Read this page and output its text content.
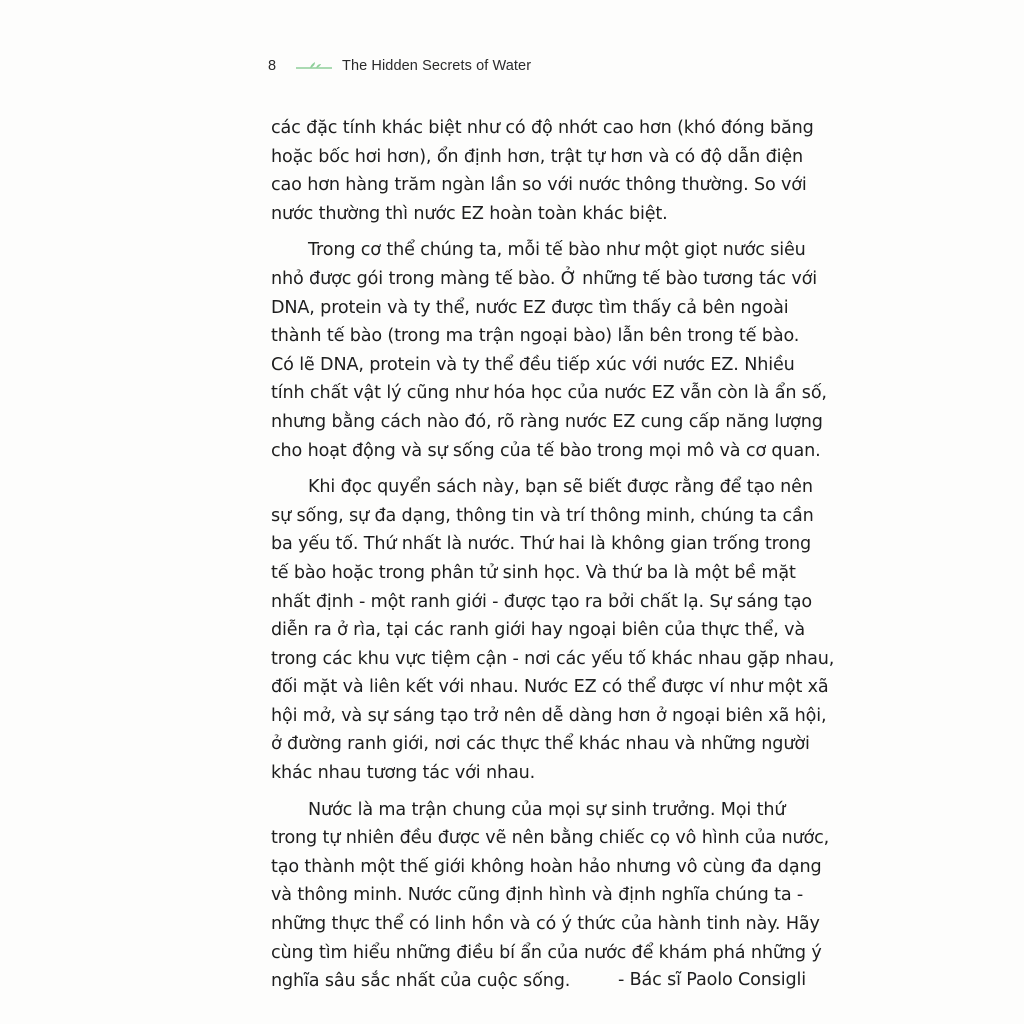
8	The Hidden Secrets of Water
các đặc tính khác biệt như có độ nhớt cao hơn (khó đóng băng
hoặc bốc hơi hơn), ổn định hơn, trật tự hơn và có độ dẫn điện
cao hơn hàng trăm ngàn lần so với nước thông thường. So với
nước thường thì nước EZ hoàn toàn khác biệt.
Trong cơ thể chúng ta, mỗi tế bào như một giọt nước siêu
nhỏ được gói trong màng tế bào. Ở những tế bào tương tác với
DNA, protein và ty thể, nước EZ được tìm thấy cả bên ngoài
thành tế bào (trong ma trận ngoại bào) lẫn bên trong tế bào.
Có lẽ DNA, protein và ty thể đều tiếp xúc với nước EZ. Nhiều
tính chất vật lý cũng như hóa học của nước EZ vẫn còn là ẩn số,
nhưng bằng cách nào đó, rõ ràng nước EZ cung cấp năng lượng
cho hoạt động và sự sống của tế bào trong mọi mô và cơ quan.
Khi đọc quyển sách này, bạn sẽ biết được rằng để tạo nên
sự sống, sự đa dạng, thông tin và trí thông minh, chúng ta cần
ba yếu tố. Thứ nhất là nước. Thứ hai là không gian trống trong
tế bào hoặc trong phân tử sinh học. Và thứ ba là một bề mặt
nhất định - một ranh giới - được tạo ra bởi chất lạ. Sự sáng tạo
diễn ra ở rìa, tại các ranh giới hay ngoại biên của thực thể, và
trong các khu vực tiệm cận - nơi các yếu tố khác nhau gặp nhau,
đối mặt và liên kết với nhau. Nước EZ có thể được ví như một xã
hội mở, và sự sáng tạo trở nên dễ dàng hơn ở ngoại biên xã hội,
ở đường ranh giới, nơi các thực thể khác nhau và những người
khác nhau tương tác với nhau.
Nước là ma trận chung của mọi sự sinh trưởng. Mọi thứ
trong tự nhiên đều được vẽ nên bằng chiếc cọ vô hình của nước,
tạo thành một thế giới không hoàn hảo nhưng vô cùng đa dạng
và thông minh. Nước cũng định hình và định nghĩa chúng ta -
những thực thể có linh hồn và có ý thức của hành tinh này. Hãy
cùng tìm hiểu những điều bí ẩn của nước để khám phá những ý
nghĩa sâu sắc nhất của cuộc sống.	- Bác sĩ Paolo Consigli
